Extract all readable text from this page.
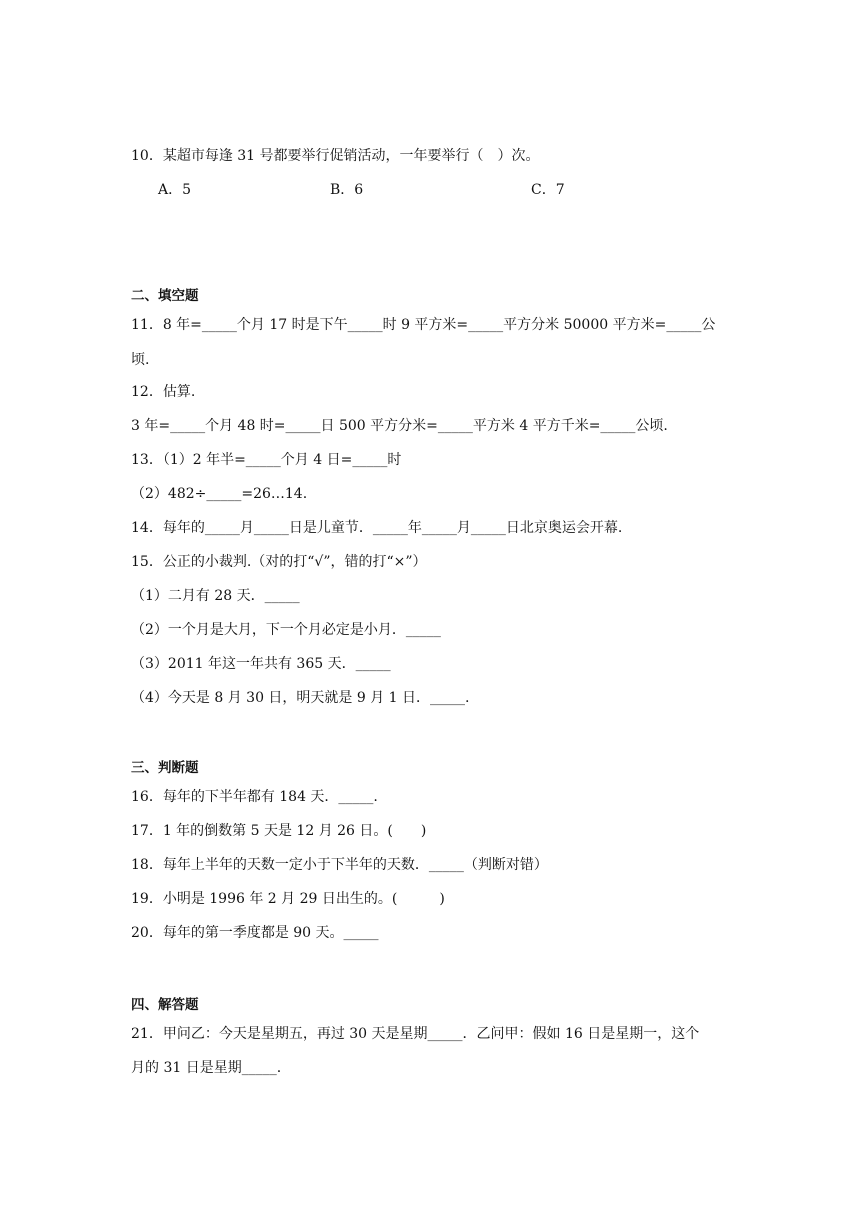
10．某超市每逢 31 号都要举行促销活动，一年要举行（　）次。
A．5	B．6	C．7
二、填空题
11．8 年=_____个月 17 时是下午_____时 9 平方米=_____平方分米 50000 平方米=_____公
顷.
12．估算.
3 年=_____个月 48 时=_____日 500 平方分米=_____平方米 4 平方千米=_____公顷.
13．（1）2 年半=_____个月 4 日=_____时
（2）482÷_____=26…14.
14．每年的_____月_____日是儿童节．_____年_____月_____日北京奥运会开幕.
15．公正的小裁判.（对的打“√”，错的打“×”）
（1）二月有 28 天．_____
（2）一个月是大月，下一个月必定是小月．_____
（3）2011 年这一年共有 365 天．_____
（4）今天是 8 月 30 日，明天就是 9 月 1 日．_____.
三、判断题
16．每年的下半年都有 184 天．_____.
17．1 年的倒数第 5 天是 12 月 26 日。(　　)
18．每年上半年的天数一定小于下半年的天数．_____（判断对错）
19．小明是 1996 年 2 月 29 日出生的。(　　　)
20．每年的第一季度都是 90 天。_____
四、解答题
21．甲问乙：今天是星期五，再过 30 天是星期_____．乙问甲：假如 16 日是星期一，这个
月的 31 日是星期_____.
